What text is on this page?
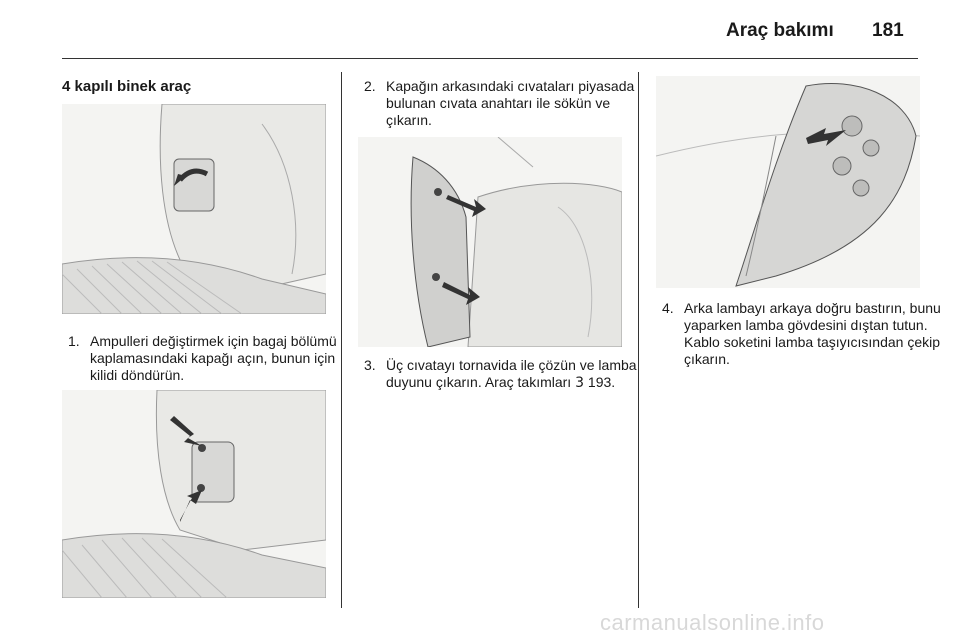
Araç bakımı 181
4 kapılı binek araç
1. Ampulleri değiştirmek için bagaj bölümü kaplamasındaki kapağı açın, bunun için kilidi döndürün.
2. Kapağın arkasındaki cıvataları piyasada bulunan cıvata anahtarı ile sökün ve çıkarın.
3. Üç cıvatayı tornavida ile çözün ve lamba duyunu çıkarın. Araç takımları 3 193.
4. Arka lambayı arkaya doğru bastırın, bunu yaparken lamba gövdesini dıştan tutun. Kablo soketini lamba taşıyıcısından çekip çıkarın.
carmanualsonline.info
